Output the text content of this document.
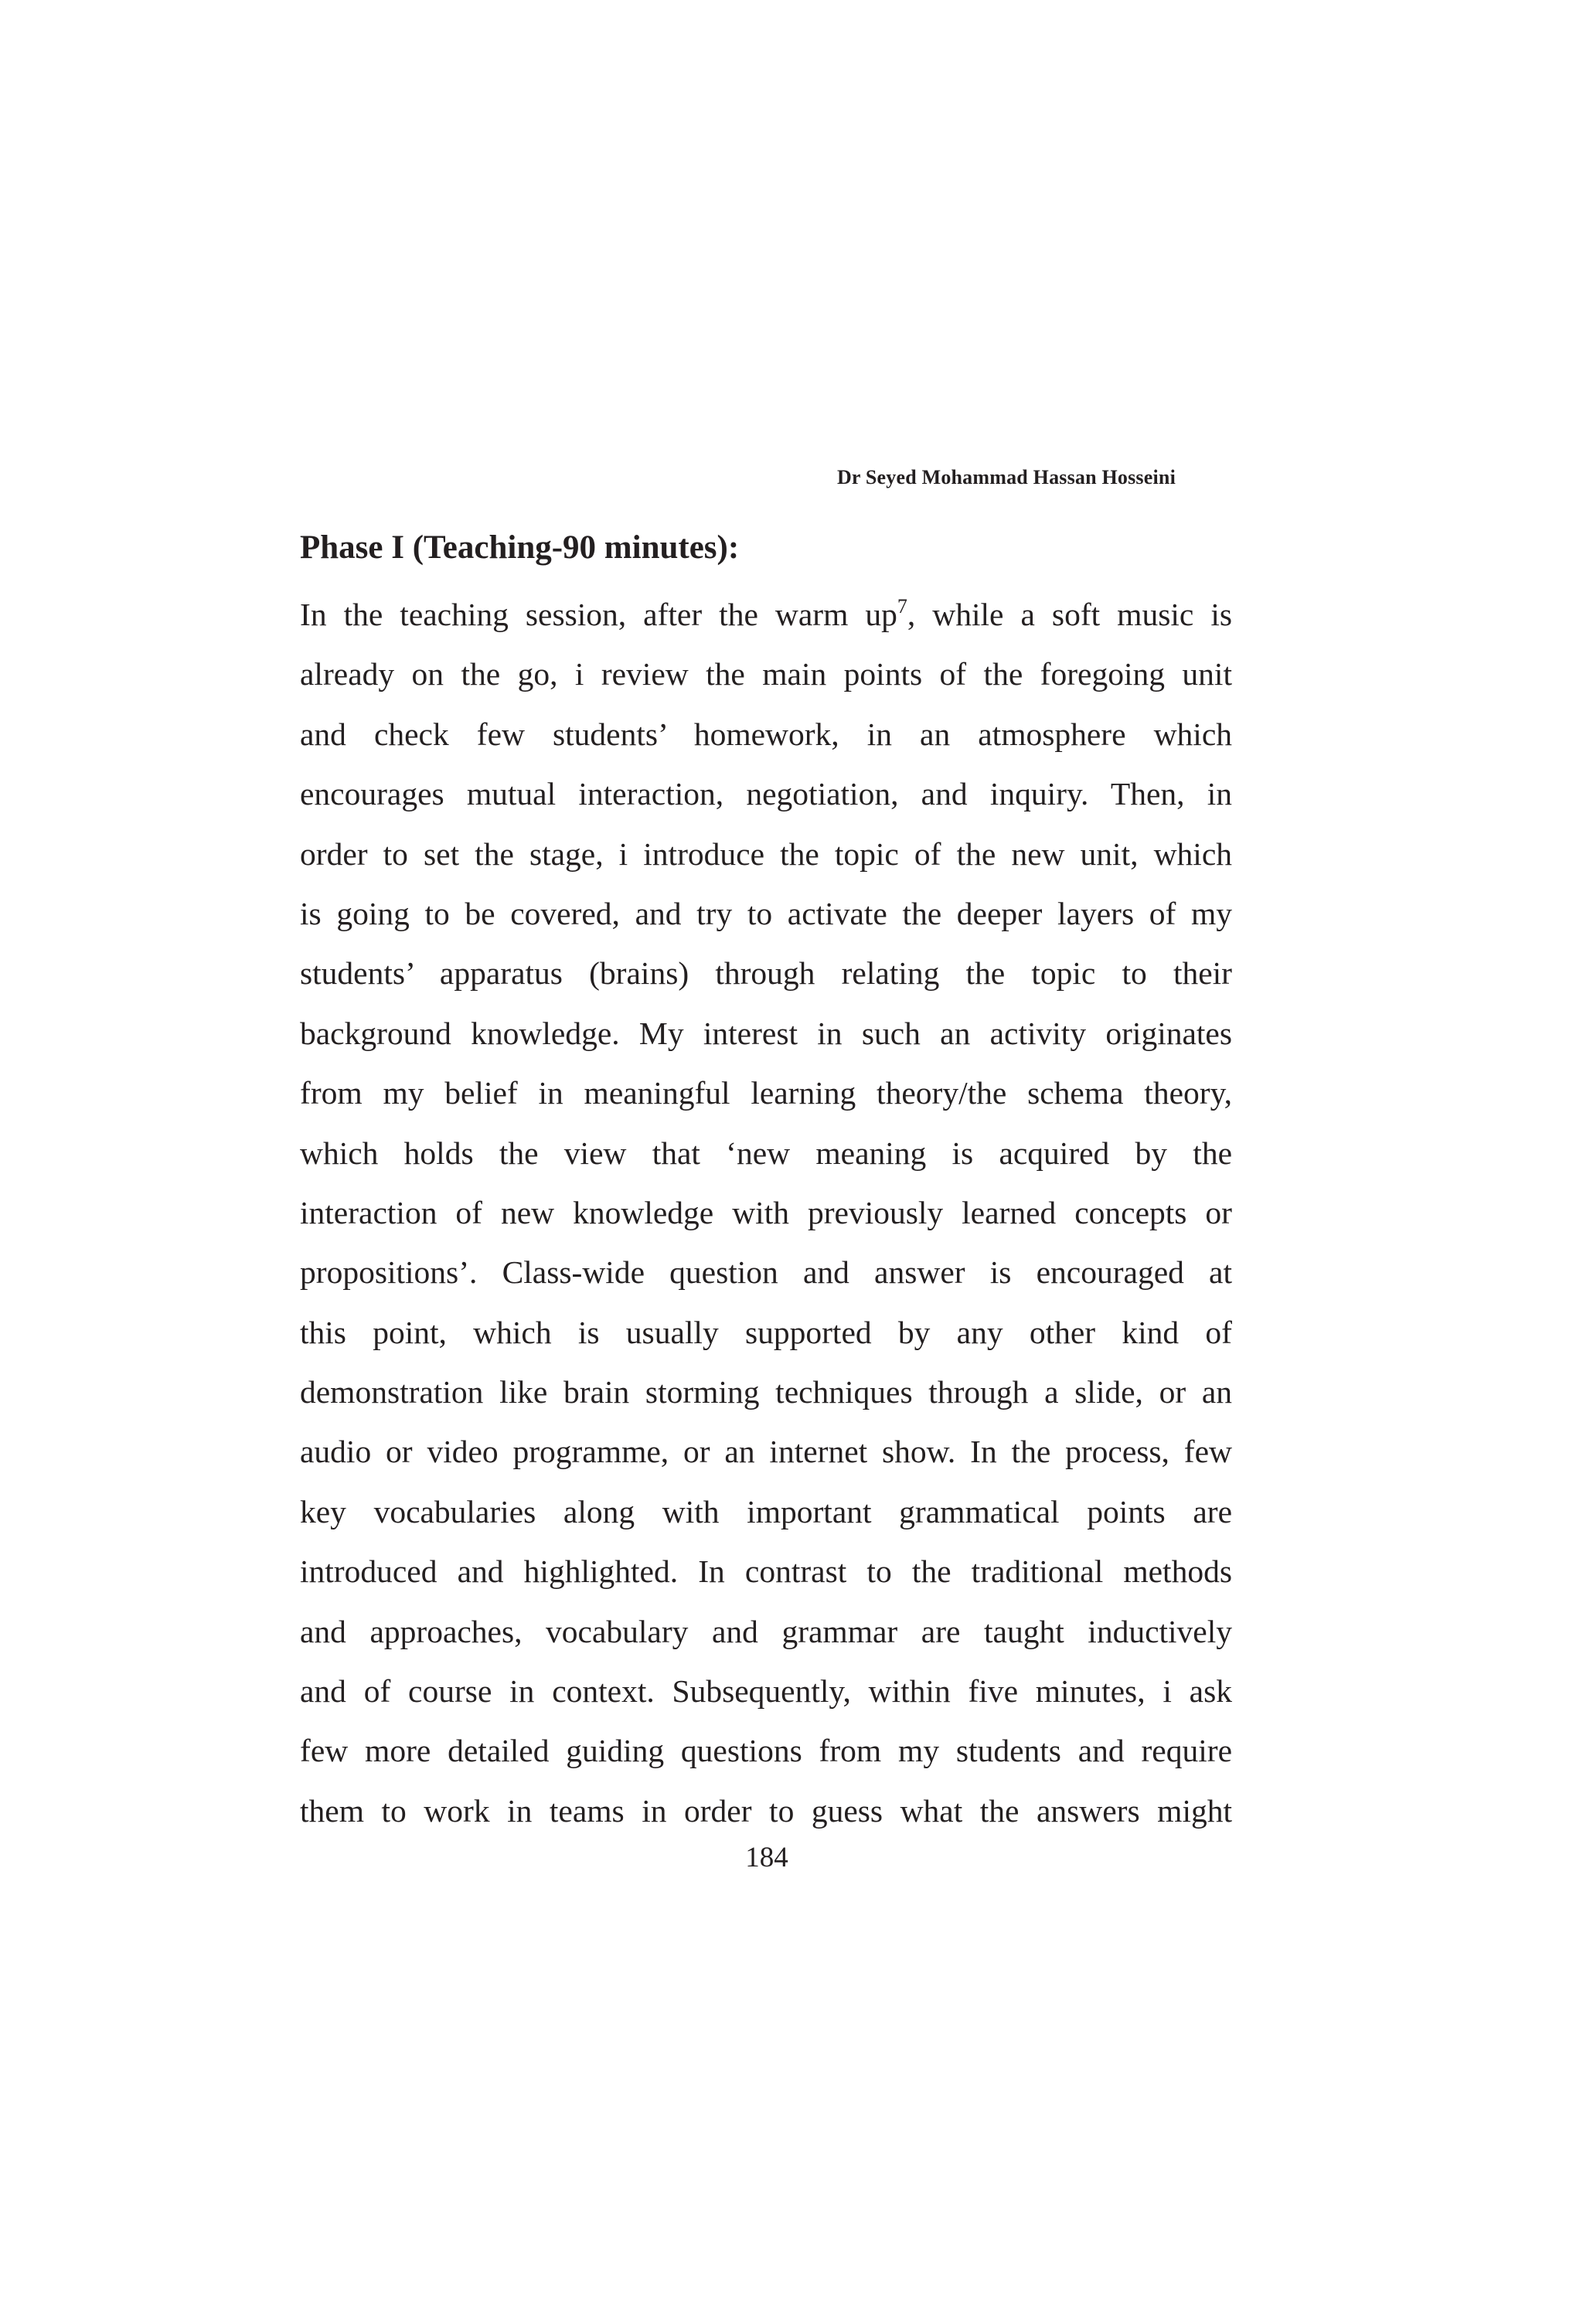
Dr Seyed Mohammad Hassan Hosseini
Phase I (Teaching-90 minutes):
In the teaching session, after the warm up$^7$, while a soft music is
already on the go, i review the main points of the foregoing unit
and check few students’ homework, in an atmosphere which
encourages mutual interaction, negotiation, and inquiry. Then, in
order to set the stage, i introduce the topic of the new unit, which
is going to be covered, and try to activate the deeper layers of my
students’ apparatus (brains) through relating the topic to their
background knowledge. My interest in such an activity originates
from my belief in meaningful learning theory/the schema theory,
which holds the view that ‘new meaning is acquired by the
interaction of new knowledge with previously learned concepts or
propositions’. Class-wide question and answer is encouraged at
this point, which is usually supported by any other kind of
demonstration like brain storming techniques through a slide, or an
audio or video programme, or an internet show. In the process, few
key vocabularies along with important grammatical points are
introduced and highlighted. In contrast to the traditional methods
and approaches, vocabulary and grammar are taught inductively
and of course in context. Subsequently, within five minutes, i ask
few more detailed guiding questions from my students and require
them to work in teams in order to guess what the answers might
184
